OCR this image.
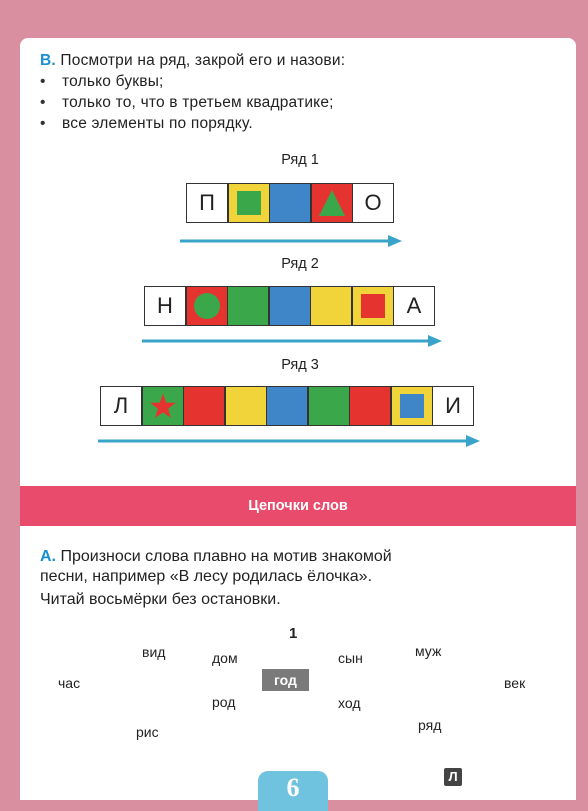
В. Посмотри на ряд, закрой его и назови:
• только буквы;
• только то, что в третьем квадратике;
• все элементы по порядку.
Ряд 1
П	О
Ряд 2
Н	А
Ряд 3
Л	И
Цепочки слов
А. Произноси слова плавно на мотив знакомой
песни, например «В лесу родилась ёлочка».
Читай восьмёрки без остановки.
1
час
вид	дом
год
сын	муж
век
род	ход
рис	ряд
6	Л
